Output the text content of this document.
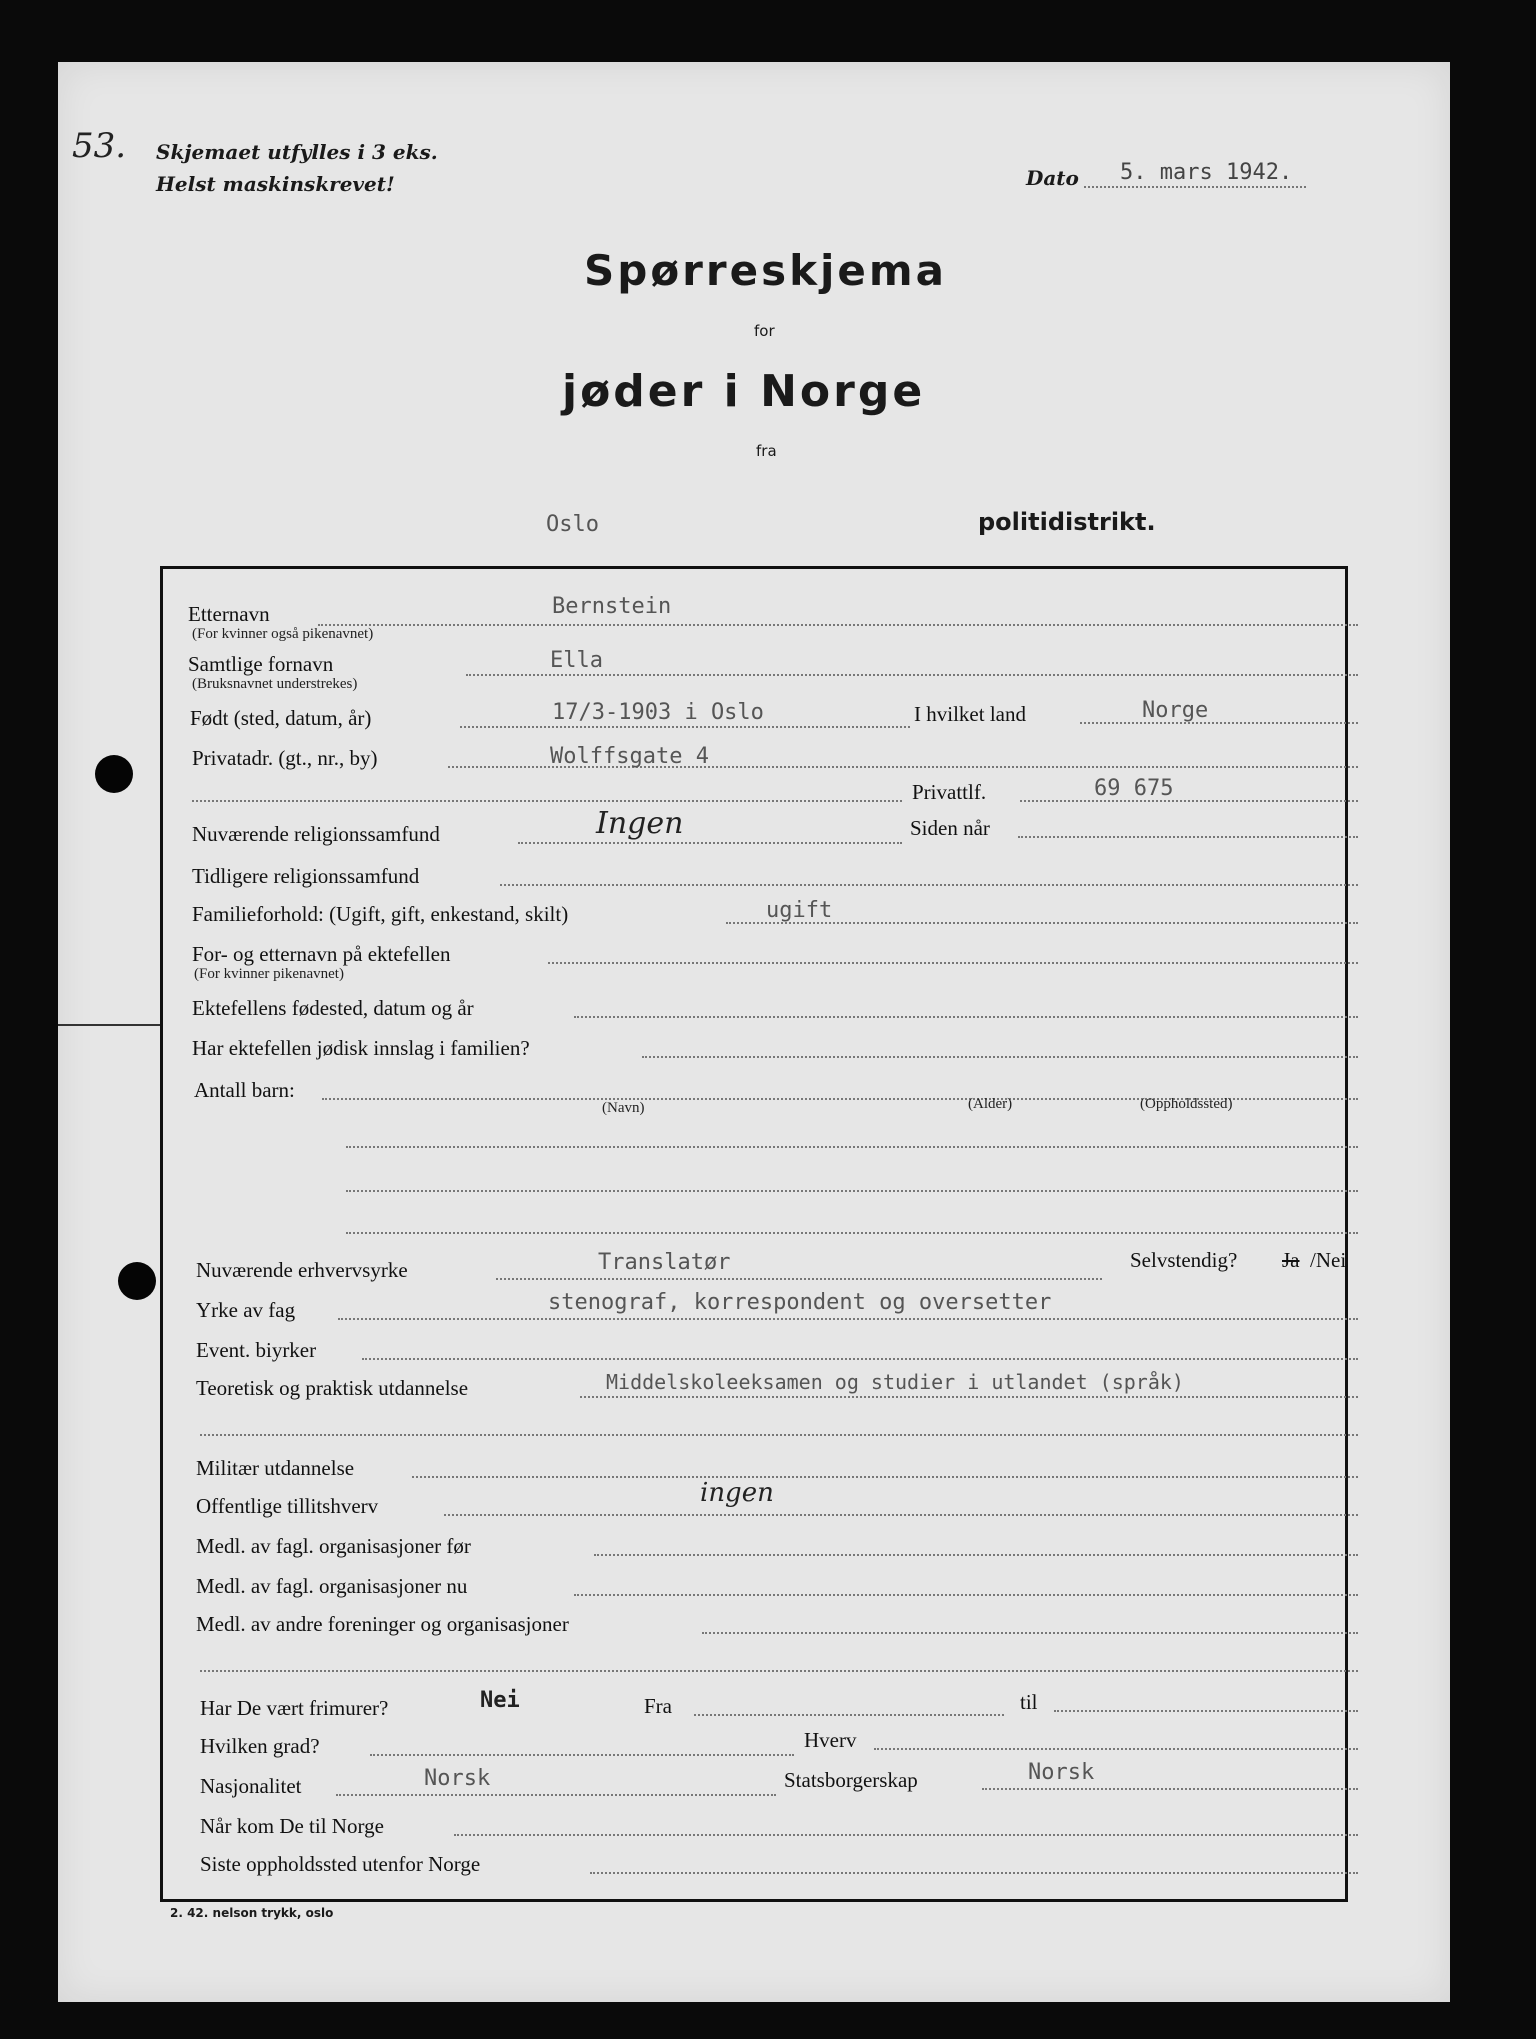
53. Skjemaet utfylles i 3 eks.
Helst maskinskrevet!	Dato 5. mars 1942.
Spørreskjema
for
jøder i Norge
fra
Oslo	politidistrikt.
Etternavn
(For kvinner også pikenavnet)
Bernstein
Samtlige fornavn
(Bruksnavnet understrekes)
Ella
Født (sted, datum, år)	17/3-1903 i Oslo	I hvilket land	Norge
Privatadr. (gt., nr., by)	Wolffsgate 4
Privattlf.	69 675
Nuværende religionssamfund	Ingen	Siden når
Tidligere religionssamfund
Familieforhold: (Ugift, gift, enkestand, skilt)	ugift
For- og etternavn på ektefellen
(For kvinner pikenavnet)
Ektefellens fødested, datum og år
Har ektefellen jødisk innslag i familien?
Antall barn:
(Navn)	(Alder)	(Oppholdssted)
Nuværende erhvervsyrke	Translatør	Selvstendig? Ja /Nei
Yrke av fag	stenograf, korrespondent og oversetter
Event. biyrker
Teoretisk og praktisk utdannelse	Middelskoleeksamen og studier i utlandet (språk)
Militær utdannelse
Offentlige tillitshverv	ingen
Medl. av fagl. organisasjoner før
Medl. av fagl. organisasjoner nu
Medl. av andre foreninger og organisasjoner
Har De vært frimurer?	Nei	Fra	til
Hvilken grad?	Hverv
Nasjonalitet	Norsk	Statsborgerskap	Norsk
Når kom De til Norge
Siste oppholdssted utenfor Norge
2. 42. nelson trykk, oslo
